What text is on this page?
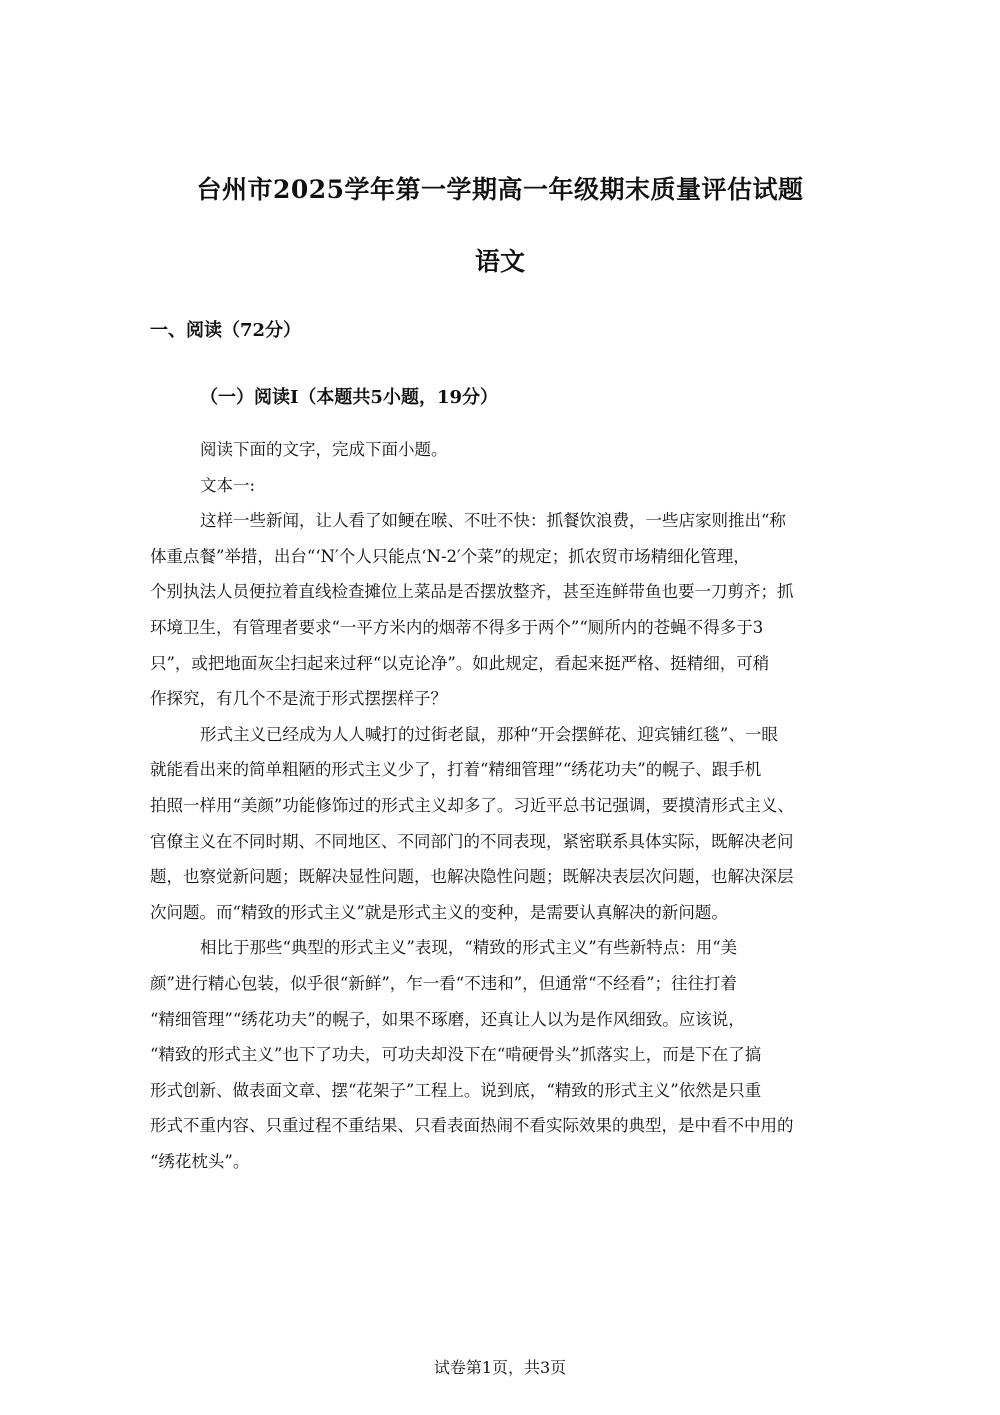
台州市2025学年第一学期高一年级期末质量评估试题
语文
一、阅读（72分）
（一）阅读Ⅰ（本题共5小题，19分）
阅读下面的文字，完成下面小题。
文本一:
这样一些新闻，让人看了如鲠在喉、不吐不快：抓餐饮浪费，一些店家则推出“称
体重点餐”举措，出台“‘N′个人只能点‘N-2′个菜”的规定；抓农贸市场精细化管理，
个别执法人员便拉着直线检查摊位上菜品是否摆放整齐，甚至连鲜带鱼也要一刀剪齐；抓
环境卫生，有管理者要求“一平方米内的烟蒂不得多于两个”“厕所内的苍蝇不得多于3
只”，或把地面灰尘扫起来过秤“以克论净”。如此规定，看起来挺严格、挺精细，可稍
作探究，有几个不是流于形式摆摆样子？
形式主义已经成为人人喊打的过街老鼠，那种“开会摆鲜花、迎宾铺红毯”、一眼
就能看出来的简单粗陋的形式主义少了，打着“精细管理”“绣花功夫”的幌子、跟手机
拍照一样用“美颜”功能修饰过的形式主义却多了。习近平总书记强调，要摸清形式主义、
官僚主义在不同时期、不同地区、不同部门的不同表现，紧密联系具体实际，既解决老问
题，也察觉新问题；既解决显性问题，也解决隐性问题；既解决表层次问题，也解决深层
次问题。而“精致的形式主义”就是形式主义的变种，是需要认真解决的新问题。
相比于那些“典型的形式主义”表现，“精致的形式主义”有些新特点：用“美
颜”进行精心包装，似乎很“新鲜”，乍一看“不违和”，但通常“不经看”；往往打着
“精细管理”“绣花功夫”的幌子，如果不琢磨，还真让人以为是作风细致。应该说，
“精致的形式主义”也下了功夫，可功夫却没下在“啃硬骨头”抓落实上，而是下在了搞
形式创新、做表面文章、摆“花架子”工程上。说到底，“精致的形式主义”依然是只重
形式不重内容、只重过程不重结果、只看表面热闹不看实际效果的典型，是中看不中用的
“绣花枕头”。
试卷第1页，共3页
